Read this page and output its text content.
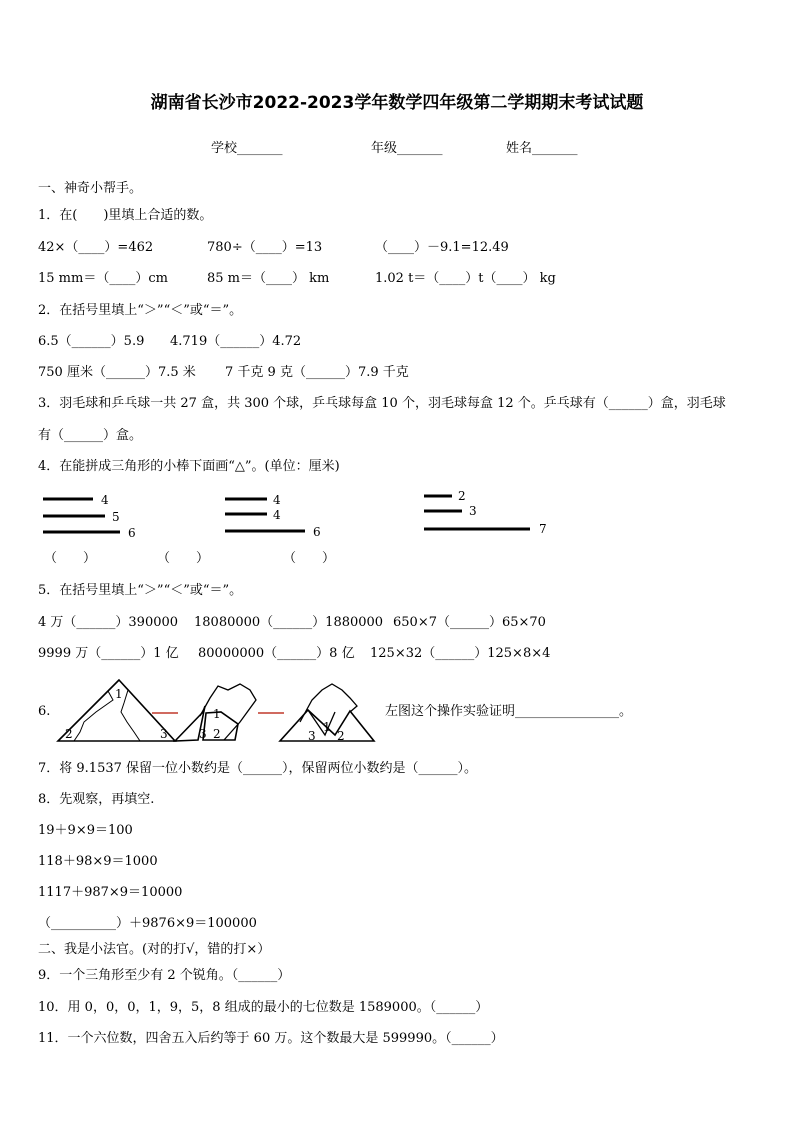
湖南省长沙市2022-2023学年数学四年级第二学期期末考试试题
学校_______	年级_______	姓名_______
一、神奇小帮手。
1．在(　　)里填上合适的数。
42×（____）=462	780÷（____）=13	（____）－9.1=12.49
15 mm＝（____）cm	85 m＝（____） km	1.02 t＝（____）t（____） kg
2．在括号里填上“＞”“＜”或“＝”。
6.5（______）5.9 4.719（______）4.72
750 厘米（______）7.5 米 7 千克 9 克（______）7.9 千克
3．羽毛球和乒乓球一共 27 盒，共 300 个球，乒乓球每盒 10 个，羽毛球每盒 12 个。乒乓球有（______）盒，羽毛球
有（______）盒。
4．在能拼成三角形的小棒下面画“△”。(单位：厘米)
4
5
6
4
4
6
2
3
7
1
2	3
1
3 2	1
3 2
（　　）	（　　）	（　　）
5．在括号里填上“＞”“＜”或“＝”。
4 万（______）390000 18080000（______）1880000 650×7（______）65×70
9999 万（______）1 亿 80000000（______）8 亿 125×32（______）125×8×4
6.	左图这个操作实验证明________________。
7．将 9.1537 保留一位小数约是（______），保留两位小数约是（______）。
8．先观察，再填空.
19＋9×9＝100
118＋98×9＝1000
1117＋987×9＝10000
（__________）＋9876×9＝100000
二、我是小法官。(对的打√，错的打×）
9．一个三角形至少有 2 个锐角。（______）
10．用 0，0，0，1，9，5，8 组成的最小的七位数是 1589000。（______）
11．一个六位数，四舍五入后约等于 60 万。这个数最大是 599990。（______）
